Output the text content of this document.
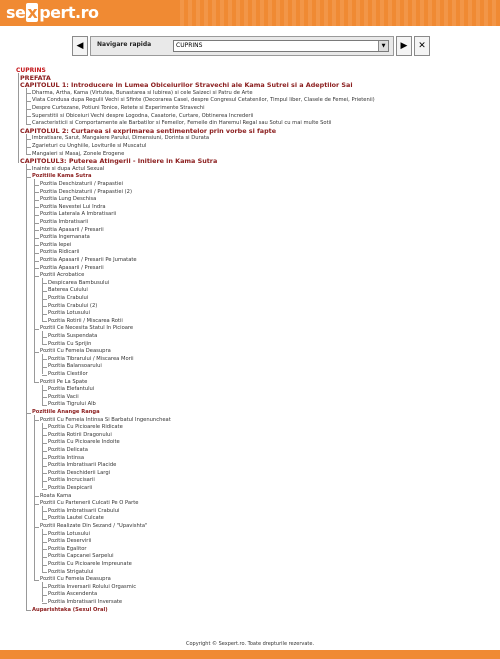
se x pert.ro
◀	Navigare rapida	CUPRINS	▼	▶	✕
CUPRINS
PREFATA
CAPITOLUL 1: Introducere in Lumea Obiceiurilor Stravechi ale Kama Sutrei si a Adeptilor Sai
Dharma, Artha, Kama (Virtutea, Bunastarea si Iubirea) si cele Saizeci si Patru de Arte
Viata Condusa dupa Regulii Vechi si Sfinte (Decorarea Casei, despre Congresul Cetatenilor, Timpul liber, Clasele de Femei, Prietenii)
Despre Curtezane, Potiuni Tonice, Retete si Experimente Stravechi
Superstitii si Obiceiuri Vechi despre Logodna, Casatorie, Curtare, Obtinerea Increderii
Caracteristicii si Comportamente ale Barbatilor si Femeilor, Femeile din Haremul Regal sau Sotul cu mai multe Sotii
CAPITOLUL 2: Curtarea si exprimarea sentimentelor prin vorbe si fapte
Imbratisare, Sarut, Mangaiere Parului, Dimensiuni, Dorinta si Durata
Zgarieturi cu Unghiile, Loviturile si Muscatul
Mangaieri si Masaj, Zonele Erogene
CAPITOLUL3: Puterea Atingerii - Initiere in Kama Sutra
Inainte si dupa Actul Sexual
Pozitiile Kama Sutra
Pozitia Deschizaturii / Prapastiei
Pozitia Deschizaturii / Prapastiei (2)
Pozitia Lung Deschisa
Pozitia Nevestei Lui Indra
Pozitia Laterala A Imbratisarii
Pozitia Imbratisarii
Pozitia Apasarii / Presarii
Pozitia Ingemanata
Pozitia Iepei
Pozitia Ridicarii
Pozitia Apasarii / Presarii Pe Jumatate
Pozitia Apasarii / Presarii
Pozitii Acrobatice
Despicarea Bambusului
Baterea Cuiului
Pozitia Crabului
Pozitia Crabului (2)
Pozitia Lotusului
Pozitia Rotirii / Miscarea Rotii
Pozitii Ce Necesita Statul In Picioare
Pozitia Suspendata
Pozitia Cu Sprijin
Pozitii Cu Femeia Deasupra
Pozitia Tibrarului / Miscarea Morii
Pozitia Balansoarului
Pozitia Clestilor
Pozitii Pe La Spate
Pozitia Elefantului
Pozitia Vacii
Pozitia Tigrului Alb
Pozitiile Anange Ranga
Pozitii Cu Femeia Intinsa Si Barbatul Ingenuncheat
Pozitia Cu Picioarele Ridicate
Pozitia Rotirii Dragonului
Pozitia Cu Picioarele Indoite
Pozitia Delicata
Pozitia Intinsa
Pozitia Imbratisarii Placide
Pozitia Deschiderii Largi
Pozitia Incrucisarii
Pozitia Despicarii
Roata Kama
Pozitii Cu Partenerii Culcati Pe O Parte
Pozitia Imbratisarii Crabului
Pozitia Lautei Culcate
Pozitii Realizate Din Sezand / "Upavishta"
Pozitia Lotusului
Pozitia Deservirii
Pozitia Egalitor
Pozitia Capcanei Sarpelui
Pozitia Cu Picioarele Impreunate
Pozitia Strigatului
Pozitii Cu Femeia Deasupra
Pozitia Inversarii Rolului Orgasmic
Pozitia Ascendenta
Pozitia Imbratisarii Inversate
Auparishtaka (Sexul Oral)
Copyright © Sexpert.ro. Toate drepturile rezervate.
